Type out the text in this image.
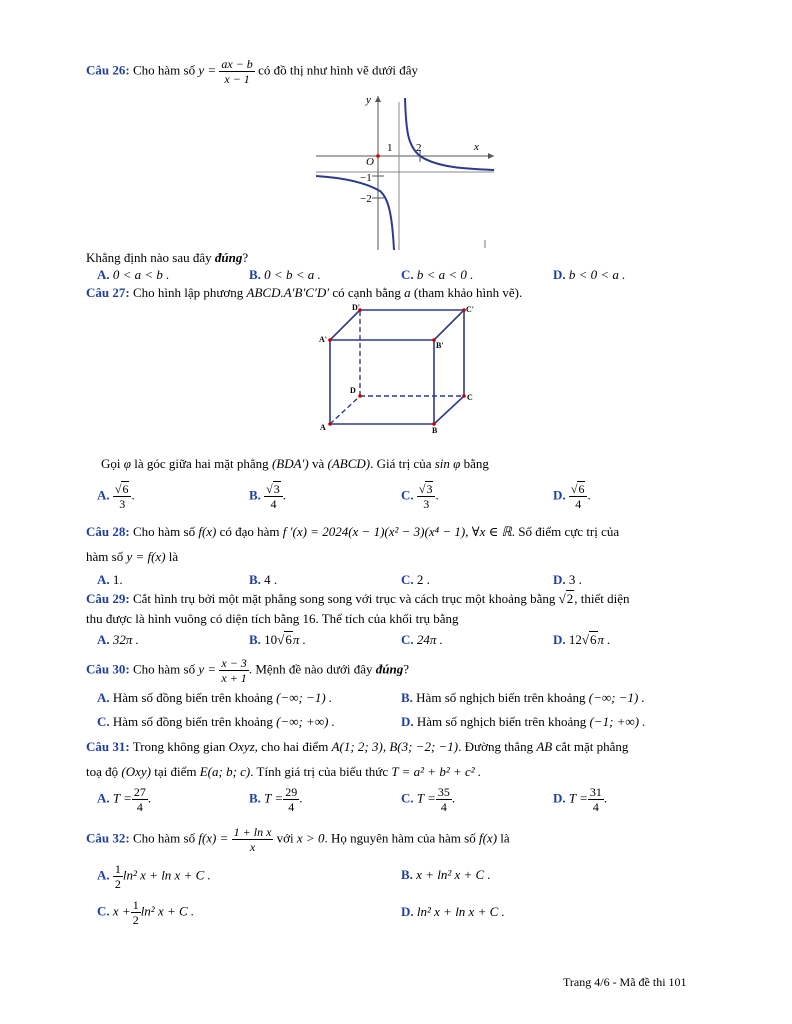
Câu 26: Cho hàm số $y = \frac{ax - b}{x - 1}$ có đồ thị như hình vẽ dưới đây
y
x
O
1 2
−1
−2
Khẳng định nào sau đây đúng?
A. 0 < a < b .	B. 0 < b < a .	C. b < a < 0 .	D. b < 0 < a .
Câu 27: Cho hình lập phương ABCD.A′B′C′D′ có cạnh bằng a (tham khảo hình vẽ).
A	B
C
D
A'
B'
C'
D'
Gọi φ là góc giữa hai mặt phẳng (BDA′) và (ABCD). Giá trị của sin φ bằng
A. $\frac{√6}{3}$ .	B. $\frac{√3}{4}$ .	C. $\frac{√3}{3}$ .	D. $\frac{√6}{4}$ .
Câu 28: Cho hàm số f(x) có đạo hàm f ′(x) = 2024(x − 1)(x² − 3)(x⁴ − 1), ∀x ∈ ℝ. Số điểm cực trị của
hàm số y = f(x) là
A. 1.	B. 4 .	C. 2 .	D. 3 .
Câu 29: Cắt hình trụ bởi một mặt phẳng song song với trục và cách trục một khoảng bằng √2, thiết diện
thu được là hình vuông có diện tích bằng 16. Thể tích của khối trụ bằng
A. 32π .	B. 10√6π .	C. 24π .	D. 12√6π .
Câu 30: Cho hàm số $y = \frac{x - 3}{x + 1}$ . Mệnh đề nào dưới đây đúng?
A. Hàm số đồng biến trên khoảng (−∞; −1) .	B. Hàm số nghịch biến trên khoảng (−∞; −1) .
C. Hàm số đồng biến trên khoảng (−∞; +∞) .	D. Hàm số nghịch biến trên khoảng (−1; +∞) .
Câu 31: Trong không gian Oxyz, cho hai điểm A(1; 2; 3), B(3; −2; −1). Đường thẳng AB cắt mặt phẳng
toạ độ (Oxy) tại điểm E(a; b; c). Tính giá trị của biểu thức T = a² + b² + c² .
A. $T = \frac{27}{4}$ .	B. $T = \frac{29}{4}$ .	C. $T = \frac{35}{4}$ .	D. $T = \frac{31}{4}$ .
Câu 32: Cho hàm số $f(x) = \frac{\text{1 + ln x}}{x}$ với x > 0. Họ nguyên hàm của hàm số f(x) là
A. $\frac{1}{2} \ln^2$ x + ln x + C .	B. x + ln² x + C .
C. $x + \frac{1}{2} \ln^2$ x + C .	D. ln² x + ln x + C .
Trang 4/6 - Mã đề thi 101
